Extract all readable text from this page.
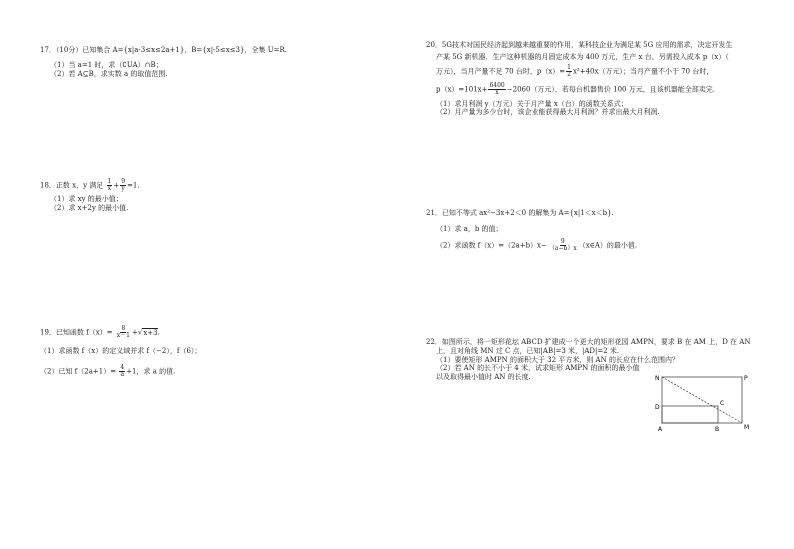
17．（10分）已知集合 A={x|a-3≤x≤2a+1}，B={x|-5≤x≤3}，全集 U=R.
（1）当 a=1 时，求（∁UA）∩B；
（2）若 A⊆B，求实数 a 的取值范围.
18．正数 x，y 满足 $\frac{1}{x} + \frac{9}{y} =1$.
（1）求 xy 的最小值；
（2）求 x+2y 的最小值.
19．已知函数 $f(x)= \frac{8}{x-1} +√x+3$.
（1）求函数 f（x）的定义域并求 f（−2），f（6）；
（2）已知 $f(2a+1)= \frac{4}{a} +1$，求 a 的值.
20．5G技术对国民经济起到越来越重要的作用，某科技企业为满足某 5G 应用的需求，决定开发生
产某 5G 新机器．生产这种机器的月固定成本为 400 万元，生产 x 台，另需投入成本 p（x）（
万元），当月产量不足 70 台时，$p(x)= \frac{1}{2} x^2+40x$（万元）；当月产量不小于 70 台时，
$p(x)=101x+ \frac{6400}{x} -2060$（万元），若每台机器售价 100 万元，且该机器能全部卖完.
（1）求月利润 y（万元）关于月产量 x（台）的函数关系式；
（2）月产量为多少台时，该企业能获得最大月利润？并求出最大月利润.
21．已知不等式 ax²−3x+2＜0 的解集为 A={x|1＜x＜b}.
（1）求 a，b 的值；
（2）求函数 $f(x)=(2a+b)x- \frac{9}{(a-b)x}$ （x∈A）的最小值.
22．如图所示，将一矩形花坛 ABCD 扩建成一个更大的矩形花园 AMPN，要求 B 在 AM 上，D 在 AN
上，且对角线 MN 过 C 点，已知|AB|=3 米，|AD|=2 米.
（1）要使矩形 AMPN 的面积大于 32 平方米，则 AN 的长应在什么范围内？
（2）若 AN 的长不小于 4 米，试求矩形 AMPN 的面积的最小值
以及取得最小值时 AN 的长度.	N	P
D
C
A	B	M
